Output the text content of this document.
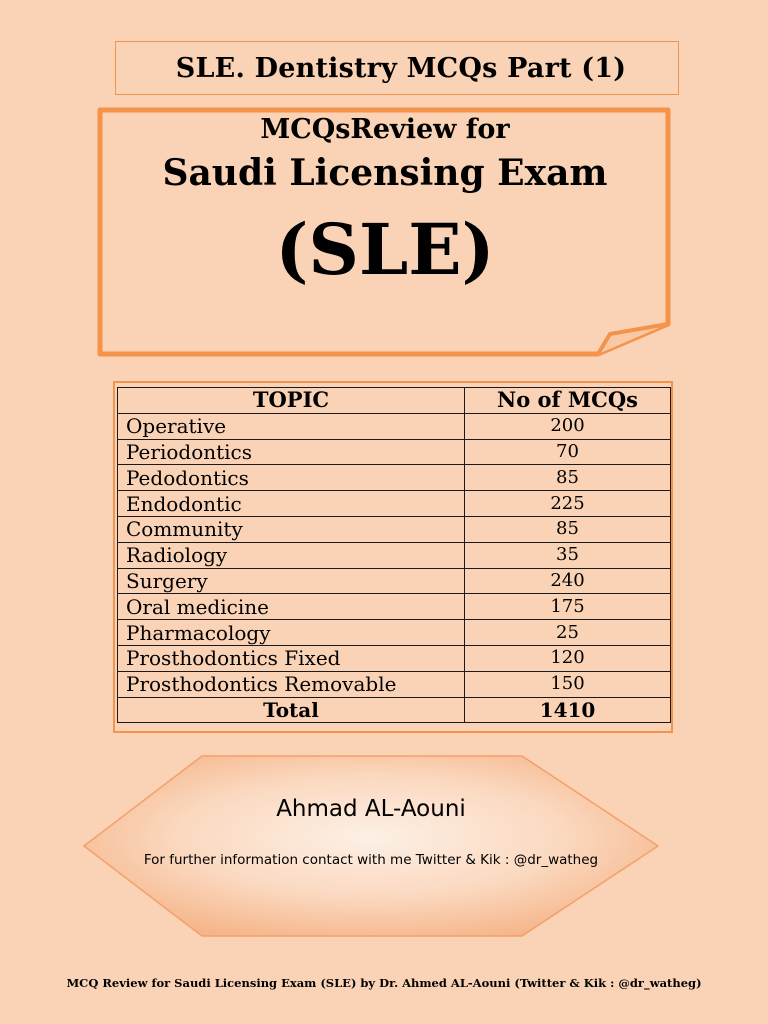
SLE. Dentistry MCQs Part (1)
MCQsReview for
Saudi Licensing Exam
(SLE)
TOPIC	No of MCQs
Operative	200
Periodontics	70
Pedodontics	85
Endodontic	225
Community	85
Radiology	35
Surgery	240
Oral medicine	175
Pharmacology	25
Prosthodontics Fixed	120
Prosthodontics Removable	150
Total	1410
Ahmad AL-Aouni
For further information contact with me Twitter & Kik : @dr_watheg
MCQ Review for Saudi Licensing Exam (SLE) by Dr. Ahmed AL-Aouni (Twitter & Kik : @dr_watheg)
